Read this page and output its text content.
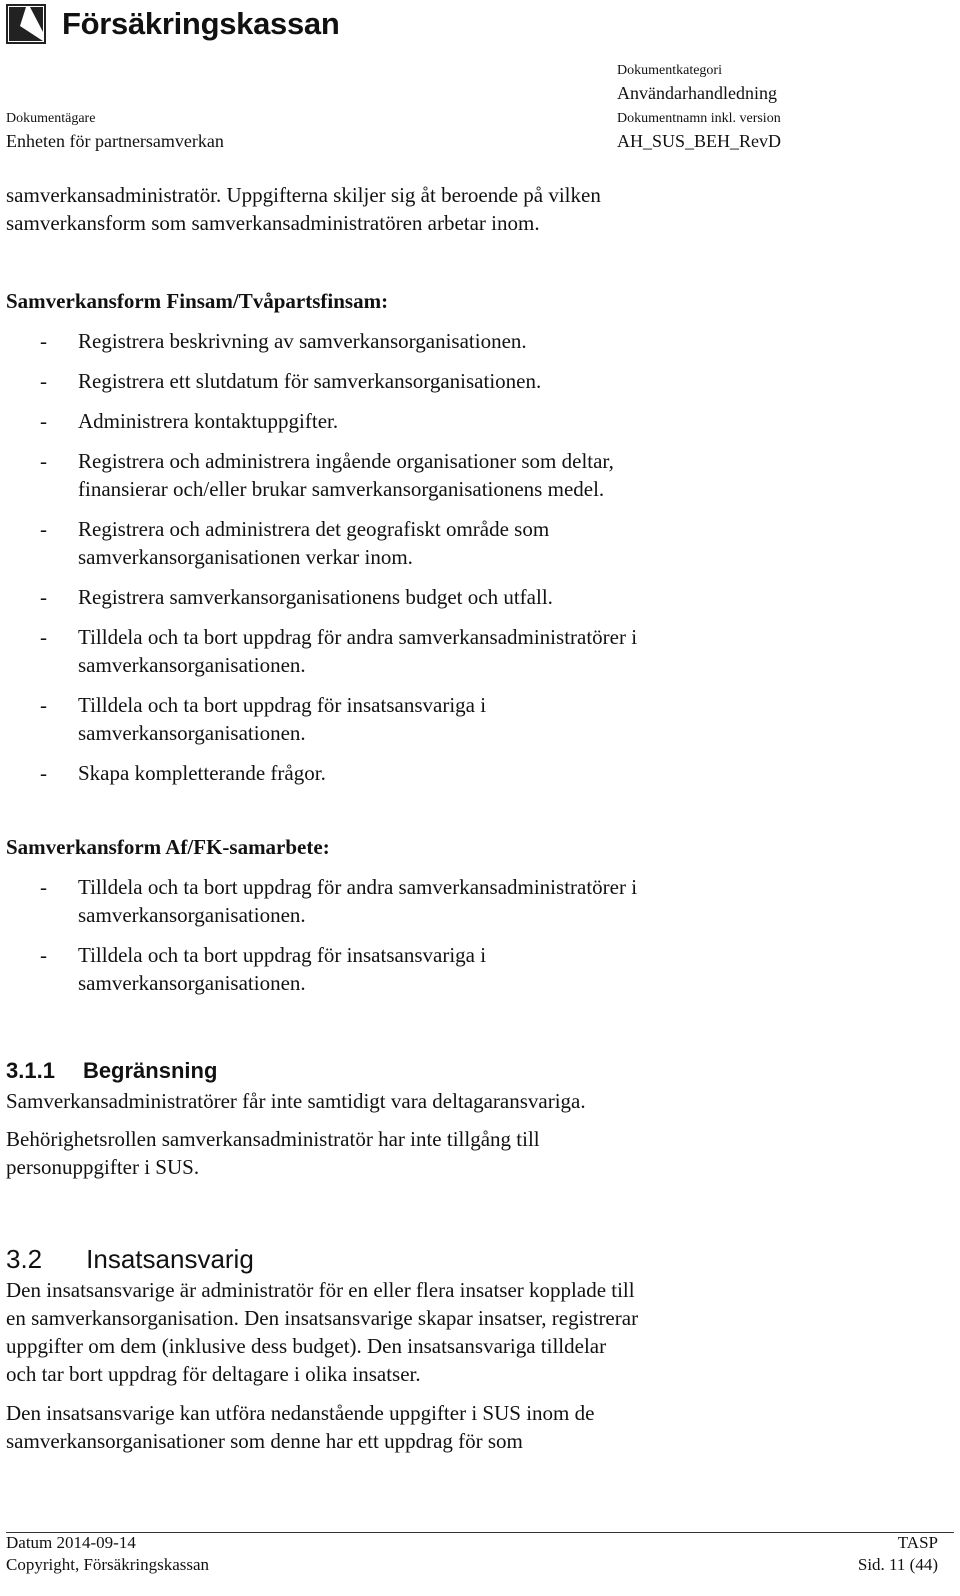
Försäkringskassan
Dokumentkategori
Användarhandledning
Dokumentägare
Enheten för partnersamverkan
Dokumentnamn inkl. version
AH_SUS_BEH_RevD
samverkansadministratör. Uppgifterna skiljer sig åt beroende på vilken
samverkansform som samverkansadministratören arbetar inom.
Samverkansform Finsam/Tvåpartsfinsam:
- Registrera beskrivning av samverkansorganisationen.
- Registrera ett slutdatum för samverkansorganisationen.
- Administrera kontaktuppgifter.
- Registrera och administrera ingående organisationer som deltar,
finansierar och/eller brukar samverkansorganisationens medel.
- Registrera och administrera det geografiskt område som
samverkansorganisationen verkar inom.
- Registrera samverkansorganisationens budget och utfall.
- Tilldela och ta bort uppdrag för andra samverkansadministratörer i
samverkansorganisationen.
- Tilldela och ta bort uppdrag för insatsansvariga i
samverkansorganisationen.
- Skapa kompletterande frågor.
Samverkansform Af/FK-samarbete:
- Tilldela och ta bort uppdrag för andra samverkansadministratörer i
samverkansorganisationen.
- Tilldela och ta bort uppdrag för insatsansvariga i
samverkansorganisationen.
3.1.1 Begränsning
Samverkansadministratörer får inte samtidigt vara deltagaransvariga.
Behörighetsrollen samverkansadministratör har inte tillgång till
personuppgifter i SUS.
3.2 Insatsansvarig
Den insatsansvarige är administratör för en eller flera insatser kopplade till
en samverkansorganisation. Den insatsansvarige skapar insatser, registrerar
uppgifter om dem (inklusive dess budget). Den insatsansvariga tilldelar
och tar bort uppdrag för deltagare i olika insatser.
Den insatsansvarige kan utföra nedanstående uppgifter i SUS inom de
samverkansorganisationer som denne har ett uppdrag för som
Datum 2014-09-14
Copyright, Försäkringskassan
TASP
Sid. 11 (44)
